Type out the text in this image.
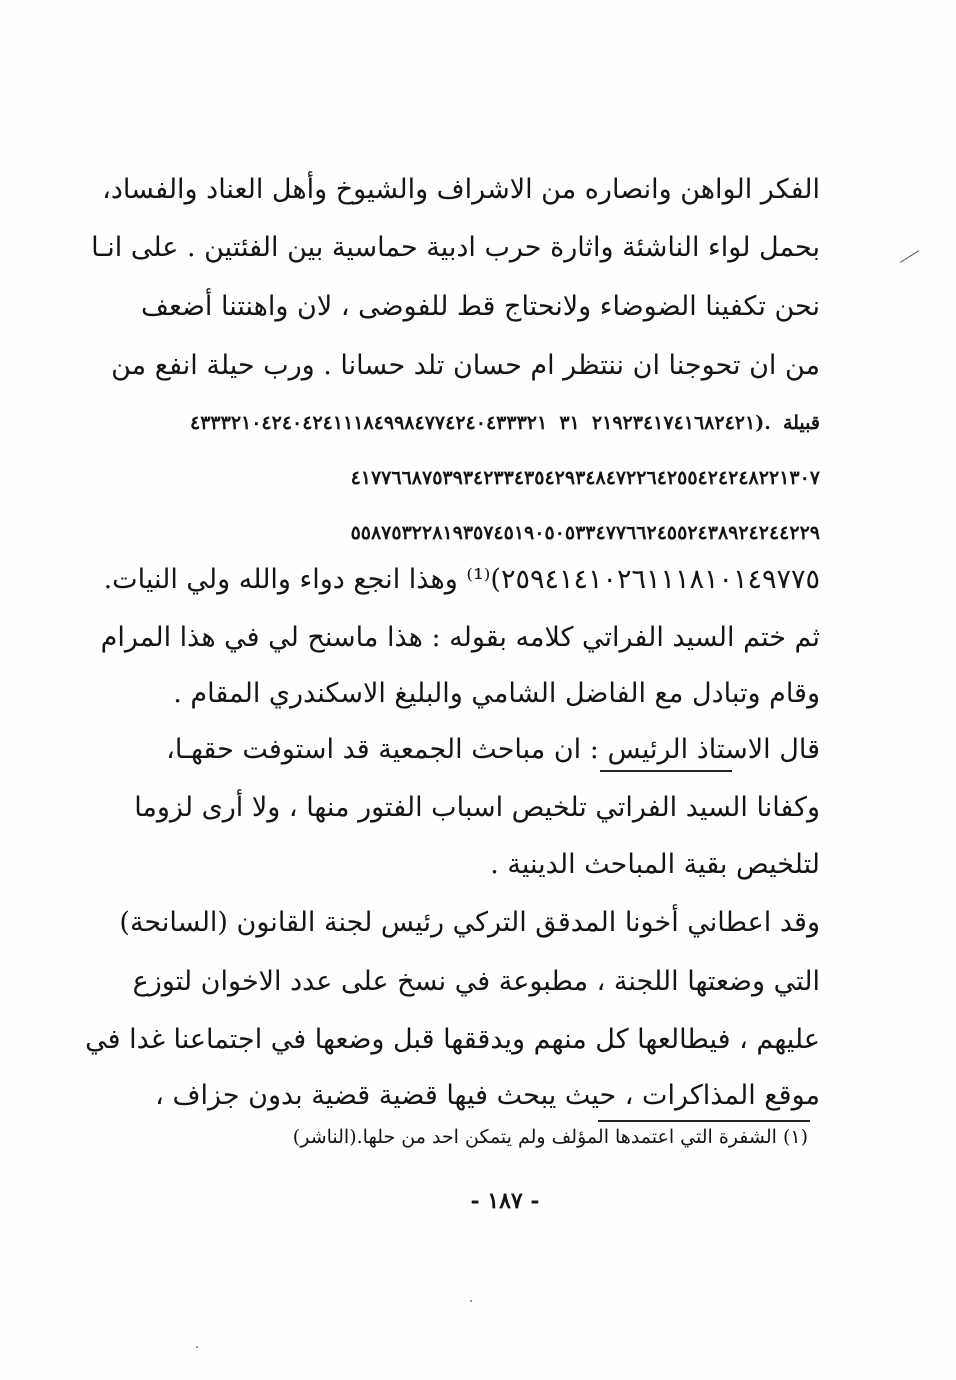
الفكر الواهن وانصاره من الاشراف والشيوخ وأهل العناد والفساد،
بحمل لواء الناشئة واثارة حرب ادبية حماسية بين الفئتين . على انـا
نحن تكفينا الضوضاء ولانحتاج قط للفوضى ، لان واهنتنا أضعف
من ان تحوجنا ان ننتظر ام حسان تلد حسانا . ورب حيلة انفع من
قبيلة .(٢١٩٢٣٤١٧٤١٦٨٢٤٢١ ٣١ ٤٣٣٣٢١٠٤٢٤٠٤٢٤١١١٨٤٩٩٨٤٧٧٤٢٤٠٤٣٣٣٢١
٤١٧٧٦٦٨٧٥٣٩٣٤٢٣٣٤٣٥٤٢٩٣٤٨٤٧٢٢٦٤٢٥٥٤٢٤٢٤٨٢٢١٣٠٧
٥٥٨٧٥٣٢٢٨١٩٣٥٧٤٥١٩٠٥٠٥٣٣٤٧٧٦٦٢٤٥٥٢٤٣٨٩٢٤٢٤٤٢٢٩
٢٥٩٤١٤١٠٢٦١١١٨١٠١٤٩٧٧٥)⁽¹⁾ وهذا انجع دواء والله ولي النيات.
ثم ختم السيد الفراتي كلامه بقوله : هذا ماسنح لي في هذا المرام
وقام وتبادل مع الفاضل الشامي والبليغ الاسكندري المقام .
قال الاستاذ الرئيس : ان مباحث الجمعية قد استوفت حقهـا،
وكفانا السيد الفراتي تلخيص اسباب الفتور منها ، ولا أرى لزوما
لتلخيص بقية المباحث الدينية .
وقد اعطاني أخونا المدقق التركي رئيس لجنة القانون (السانحة)
التي وضعتها اللجنة ، مطبوعة في نسخ على عدد الاخوان لتوزع
عليهم ، فيطالعها كل منهم ويدققها قبل وضعها في اجتماعنا غدا في
موقع المذاكرات ، حيث يبحث فيها قضية قضية بدون جزاف ،
(١) الشفرة التي اعتمدها المؤلف ولم يتمكن احد من حلها.(الناشر)
- ١٨٧ -
